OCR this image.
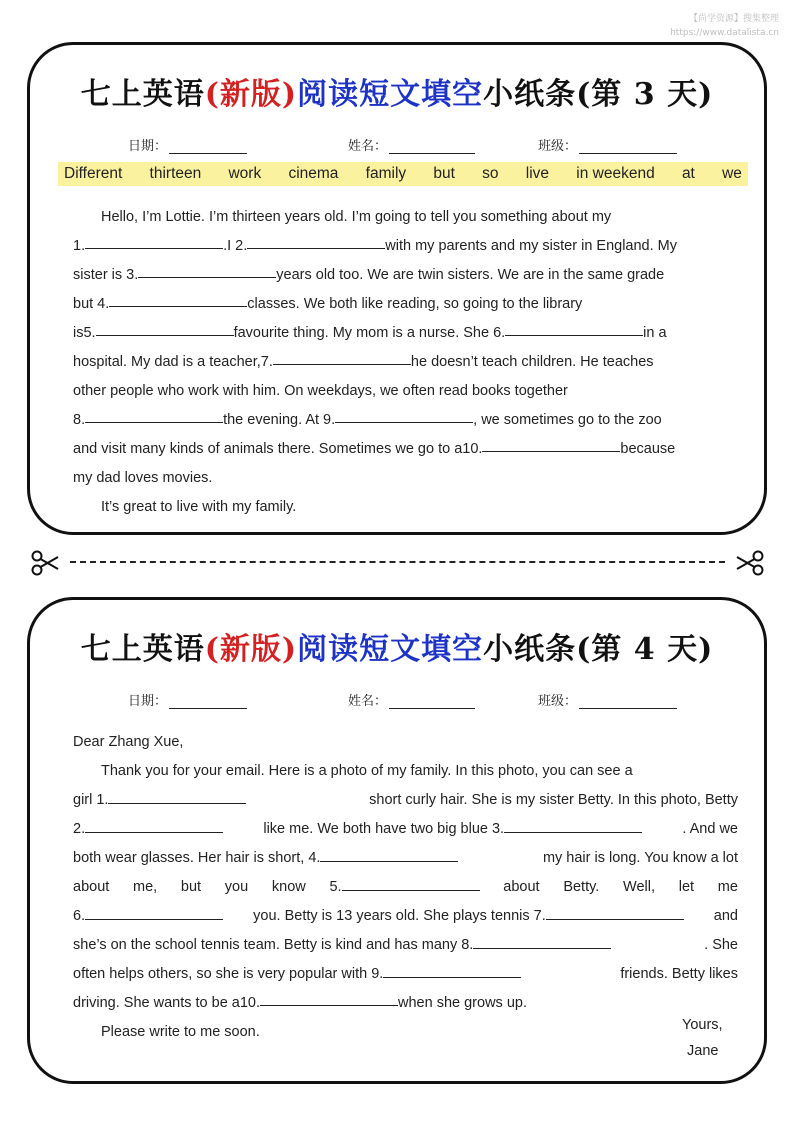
【尚学资源】搜集整理
https://www.datalista.cn
七上英语(新版)阅读短文填空小纸条(第 3 天)
日期：	姓名：	班级：
Different thirteen work cinema family but so live in weekend at we
Hello, I’m Lottie. I’m thirteen years old. I’m going to tell you something about my
1.	.I 2.	with my parents and my sister in England. My
sister is 3.	years old too. We are twin sisters. We are in the same grade
but 4.	classes. We both like reading, so going to the library
is5.	favourite thing. My mom is a nurse. She 6.	in a
hospital. My dad is a teacher,7.	he doesn’t teach children. He teaches
other people who work with him. On weekdays, we often read books together
8.	the evening. At 9.	, we sometimes go to the zoo
and visit many kinds of animals there. Sometimes we go to a10.	because
my dad loves movies.
It’s great to live with my family.
七上英语(新版)阅读短文填空小纸条(第 4 天)
日期：	姓名：	班级：
Dear Zhang Xue,
Thank you for your email. Here is a photo of my family. In this photo, you can see a
girl 1.	short curly hair. She is my sister Betty. In this photo, Betty
2.	like me. We both have two big blue 3.	. And we
both wear glasses. Her hair is short, 4.	my hair is long. You know a lot
about me, but you know 5.	about Betty. Well, let me
6.	you. Betty is 13 years old. She plays tennis 7.	and
she’s on the school tennis team. Betty is kind and has many 8.	. She
often helps others, so she is very popular with 9.	friends. Betty likes
driving. She wants to be a10.	when she grows up.
Please write to me soon.	Yours,
Jane
